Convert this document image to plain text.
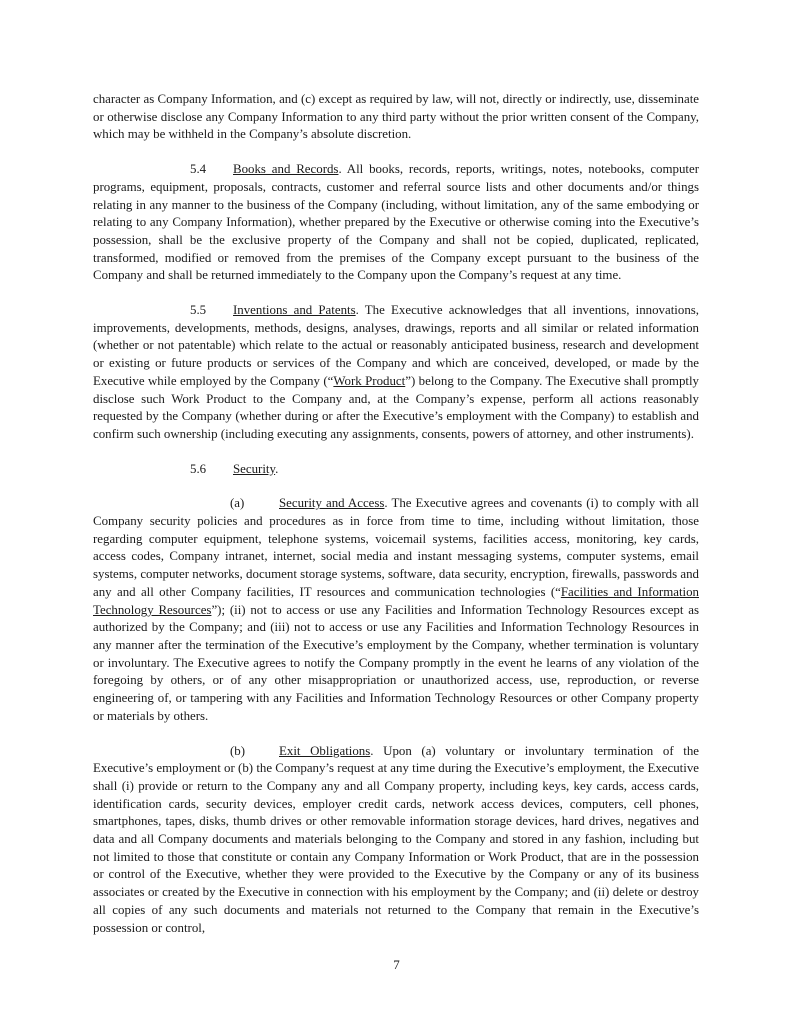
character as Company Information, and (c) except as required by law, will not, directly or indirectly, use, disseminate or otherwise disclose any Company Information to any third party without the prior written consent of the Company, which may be withheld in the Company’s absolute discretion.

5.4 Books and Records. All books, records, reports, writings, notes, notebooks, computer programs, equipment, proposals, contracts, customer and referral source lists and other documents and/or things relating in any manner to the business of the Company (including, without limitation, any of the same embodying or relating to any Company Information), whether prepared by the Executive or otherwise coming into the Executive’s possession, shall be the exclusive property of the Company and shall not be copied, duplicated, replicated, transformed, modified or removed from the premises of the Company except pursuant to the business of the Company and shall be returned immediately to the Company upon the Company’s request at any time.

5.5 Inventions and Patents. The Executive acknowledges that all inventions, innovations, improvements, developments, methods, designs, analyses, drawings, reports and all similar or related information (whether or not patentable) which relate to the actual or reasonably anticipated business, research and development or existing or future products or services of the Company and which are conceived, developed, or made by the Executive while employed by the Company (“Work Product”) belong to the Company. The Executive shall promptly disclose such Work Product to the Company and, at the Company’s expense, perform all actions reasonably requested by the Company (whether during or after the Executive’s employment with the Company) to establish and confirm such ownership (including executing any assignments, consents, powers of attorney, and other instruments).

5.6 Security.

(a)	Security and Access. The Executive agrees and covenants (i) to comply with all Company security policies and procedures as in force from time to time, including without limitation, those regarding computer equipment, telephone systems, voicemail systems, facilities access, monitoring, key cards, access codes, Company intranet, internet, social media and instant messaging systems, computer systems, email systems, computer networks, document storage systems, software, data security, encryption, firewalls, passwords and any and all other Company facilities, IT resources and communication technologies (“Facilities and Information Technology Resources”); (ii) not to access or use any Facilities and Information Technology Resources except as authorized by the Company; and (iii) not to access or use any Facilities and Information Technology Resources in any manner after the termination of the Executive’s employment by the Company, whether termination is voluntary or involuntary. The Executive agrees to notify the Company promptly in the event he learns of any violation of the foregoing by others, or of any other misappropriation or unauthorized access, use, reproduction, or reverse engineering of, or tampering with any Facilities and Information Technology Resources or other Company property or materials by others.

(b)	Exit Obligations. Upon (a) voluntary or involuntary termination of the Executive’s employment or (b) the Company’s request at any time during the Executive’s employment, the Executive shall (i) provide or return to the Company any and all Company property, including keys, key cards, access cards, identification cards, security devices, employer credit cards, network access devices, computers, cell phones, smartphones, tapes, disks, thumb drives or other removable information storage devices, hard drives, negatives and data and all Company documents and materials belonging to the Company and stored in any fashion, including but not limited to those that constitute or contain any Company Information or Work Product, that are in the possession or control of the Executive, whether they were provided to the Executive by the Company or any of its business associates or created by the Executive in connection with his employment by the Company; and (ii) delete or destroy all copies of any such documents and materials not returned to the Company that remain in the Executive’s possession or control,

7
